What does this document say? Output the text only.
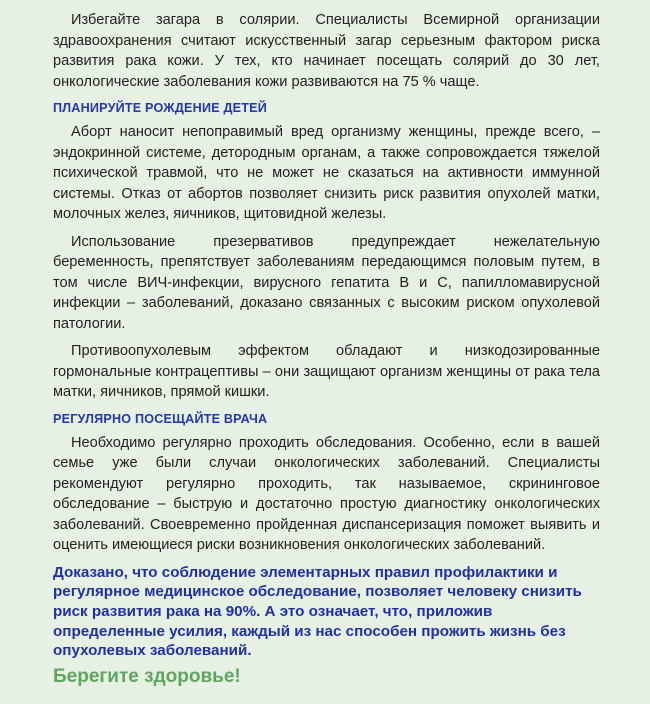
Избегайте загара в солярии. Специалисты Всемирной организации здравоохранения считают искусственный загар серьезным фактором риска развития рака кожи. У тех, кто начинает посещать солярий до 30 лет, онкологические заболевания кожи развиваются на 75 % чаще.

ПЛАНИРУЙТЕ РОЖДЕНИЕ ДЕТЕЙ

Аборт наносит непоправимый вред организму женщины, прежде всего, – эндокринной системе, детородным органам, а также сопровождается тяжелой психической травмой, что не может не сказаться на активности иммунной системы. Отказ от абортов позволяет снизить риск развития опухолей матки, молочных желез, яичников, щитовидной железы.

Использование презервативов предупреждает нежелательную беременность, препятствует заболеваниям передающимся половым путем, в том числе ВИЧ-инфекции, вирусного гепатита В и С, папилломавирусной инфекции – заболеваний, доказано связанных с высоким риском опухолевой патологии.

Противоопухолевым эффектом обладают и низкодозированные гормональные контрацептивы – они защищают организм женщины от рака тела матки, яичников, прямой кишки.

РЕГУЛЯРНО ПОСЕЩАЙТЕ ВРАЧА

Необходимо регулярно проходить обследования. Особенно, если в вашей семье уже были случаи онкологических заболеваний. Специалисты рекомендуют регулярно проходить, так называемое, скрининговое обследование – быструю и достаточно простую диагностику онкологических заболеваний. Своевременно пройденная диспансеризация поможет выявить и оценить имеющиеся риски возникновения онкологических заболеваний.

Доказано, что соблюдение элементарных правил профилактики и регулярное медицинское обследование, позволяет человеку снизить риск развития рака на 90%. А это означает, что, приложив определенные усилия, каждый из нас способен прожить жизнь без опухолевых заболеваний.

Берегите здоровье!
